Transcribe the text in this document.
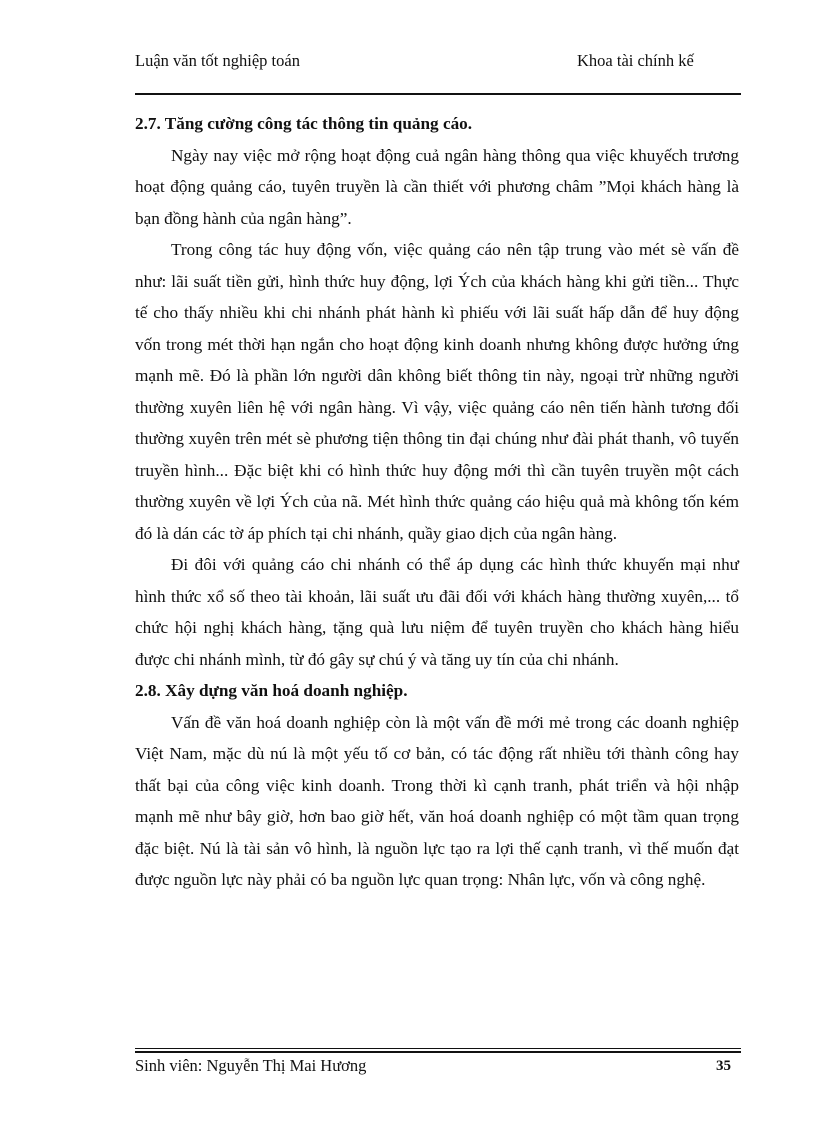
Luận văn tốt nghiệp toán	Khoa tài chính kế
2.7. Tăng cường công tác thông tin quảng cáo.

Ngày nay việc mở rộng hoạt động cuả ngân hàng thông qua việc khuyếch trương hoạt động quảng cáo, tuyên truyền là cần thiết với phương châm ”Mọi khách hàng là bạn đồng hành của ngân hàng”.

Trong công tác huy động vốn, việc quảng cáo nên tập trung vào mét sè vấn đề như: lãi suất tiền gửi, hình thức huy động, lợi Ých của khách hàng khi gửi tiền... Thực tế cho thấy nhiều khi chi nhánh phát hành kì phiếu với lãi suất hấp dẫn để huy động vốn trong mét thời hạn ngắn cho hoạt động kinh doanh nhưng không được hưởng ứng mạnh mẽ. Đó là phần lớn người dân không biết thông tin này, ngoại trừ những người thường xuyên liên hệ với ngân hàng. Vì vậy, việc quảng cáo nên tiến hành tương đối thường xuyên trên mét sè phương tiện thông tin đại chúng như đài phát thanh, vô tuyến truyền hình... Đặc biệt khi có hình thức huy động mới thì cần tuyên truyền một cách thường xuyên về lợi Ých của nã. Mét hình thức quảng cáo hiệu quả mà không tốn kém đó là dán các tờ áp phích tại chi nhánh, quầy giao dịch của ngân hàng.

Đi đôi với quảng cáo chi nhánh có thể áp dụng các hình thức khuyến mại như hình thức xổ số theo tài khoản, lãi suất ưu đãi đối với khách hàng thường xuyên,... tổ chức hội nghị khách hàng, tặng quà lưu niệm để tuyên truyền cho khách hàng hiểu được chi nhánh mình, từ đó gây sự chú ý và tăng uy tín của chi nhánh.

2.8. Xây dựng văn hoá doanh nghiệp.

Vấn đề văn hoá doanh nghiệp còn là một vấn đề mới mẻ trong các doanh nghiệp Việt Nam, mặc dù nú là một yếu tố cơ bản, có tác động rất nhiều tới thành công hay thất bại của công việc kinh doanh. Trong thời kì cạnh tranh, phát triển và hội nhập mạnh mẽ như bây giờ, hơn bao giờ hết, văn hoá doanh nghiệp có một tầm quan trọng đặc biệt. Nú là tài sản vô hình, là nguồn lực tạo ra lợi thế cạnh tranh, vì thế muốn đạt được nguồn lực này phải có ba nguồn lực quan trọng: Nhân lực, vốn và công nghệ.

Sinh viên: Nguyễn Thị Mai Hương	35
